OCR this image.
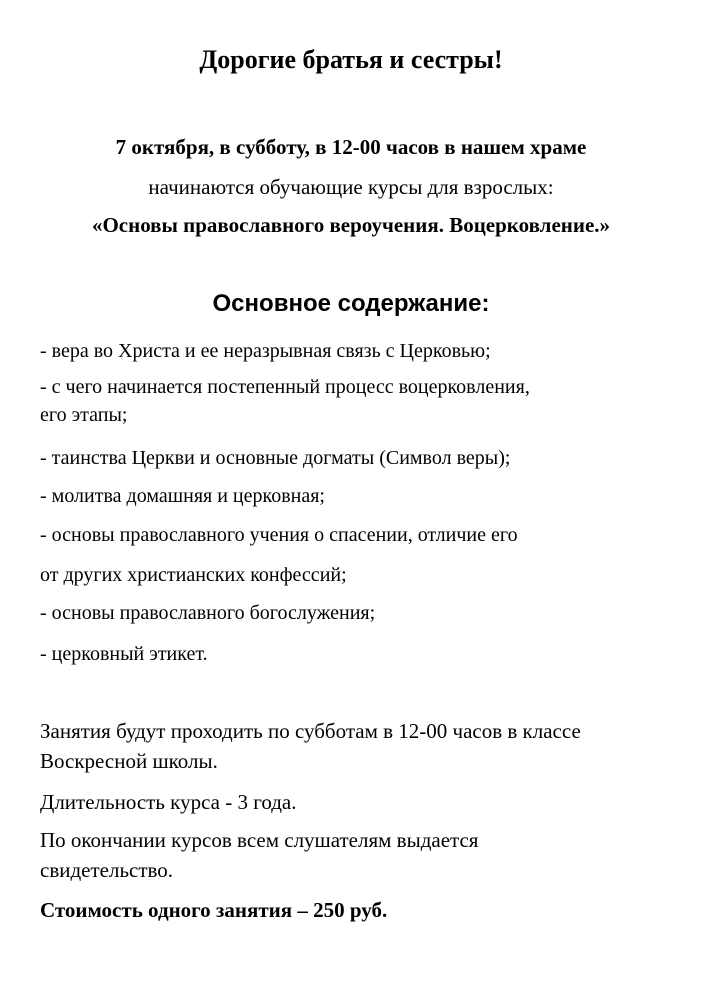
Дорогие братья и сестры!

7 октября, в субботу, в 12-00 часов в нашем храме

начинаются обучающие курсы для взрослых:

«Основы православного вероучения. Воцерковление.»

Основное содержание:

- вера во Христа и ее неразрывная связь с Церковью;

- с чего начинается постепенный процесс воцерковления,

его этапы;

- таинства Церкви и основные догматы (Символ веры);

- молитва домашняя и церковная;

- основы православного учения о спасении, отличие его

от других христианских конфессий;

- основы православного богослужения;

- церковный этикет.

Занятия будут проходить по субботам в 12-00 часов в классе

Воскресной школы.

Длительность курса - 3 года.

По окончании курсов всем слушателям выдается

свидетельство.

Стоимость одного занятия – 250 руб.
